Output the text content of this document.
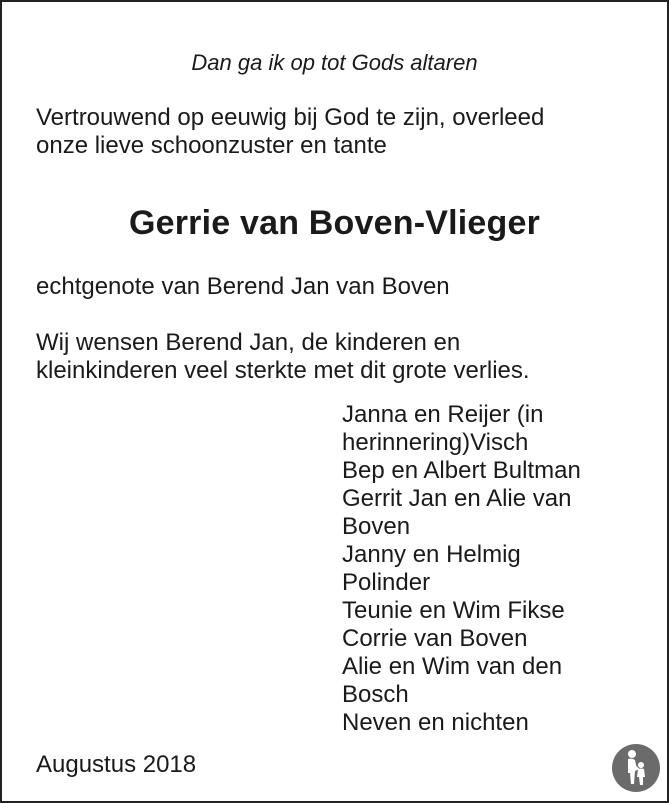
Dan ga ik op tot Gods altaren
Vertrouwend op eeuwig bij God te zijn, overleed
onze lieve schoonzuster en tante
Gerrie van Boven-Vlieger
echtgenote van Berend Jan van Boven
Wij wensen Berend Jan, de kinderen en
kleinkinderen veel sterkte met dit grote verlies.
Janna en Reijer (in
herinnering)Visch
Bep en Albert Bultman
Gerrit Jan en Alie van
Boven
Janny en Helmig
Polinder
Teunie en Wim Fikse
Corrie van Boven
Alie en Wim van den
Bosch
Neven en nichten
Augustus 2018
